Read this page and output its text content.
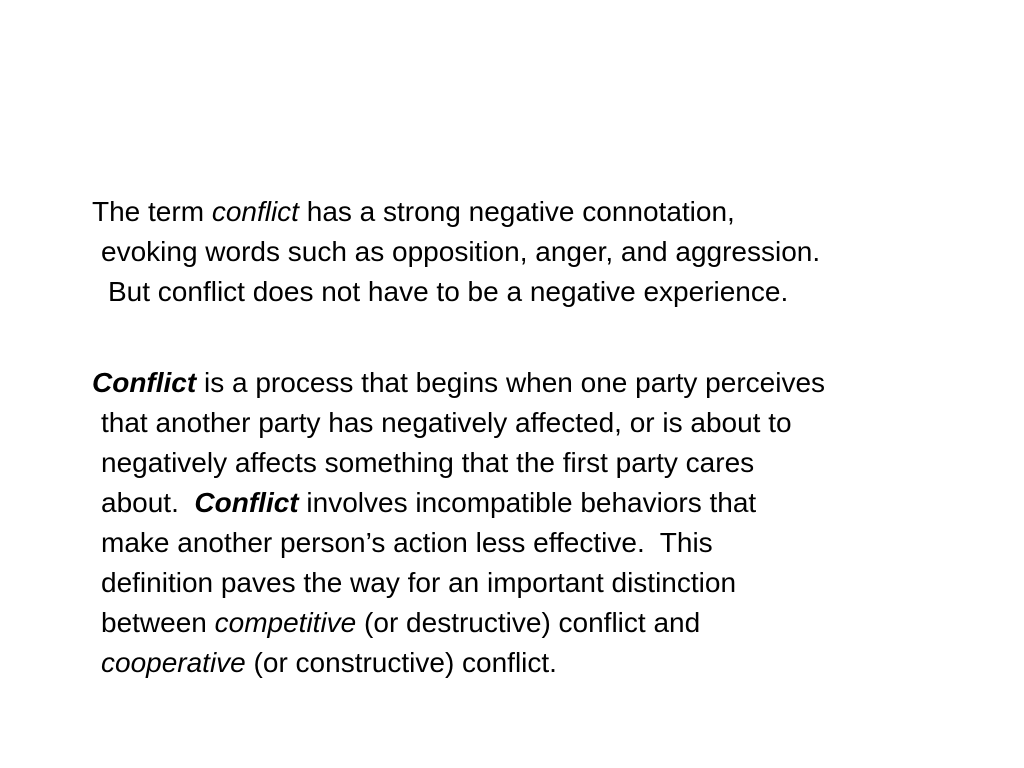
The term conflict has a strong negative connotation,
evoking words such as opposition, anger, and aggression.
But conflict does not have to be a negative experience.

Conflict is a process that begins when one party perceives
that another party has negatively affected, or is about to
negatively affects something that the first party cares
about.  Conflict involves incompatible behaviors that
make another person’s action less effective.  This
definition paves the way for an important distinction
between competitive (or destructive) conflict and
cooperative (or constructive) conflict.
